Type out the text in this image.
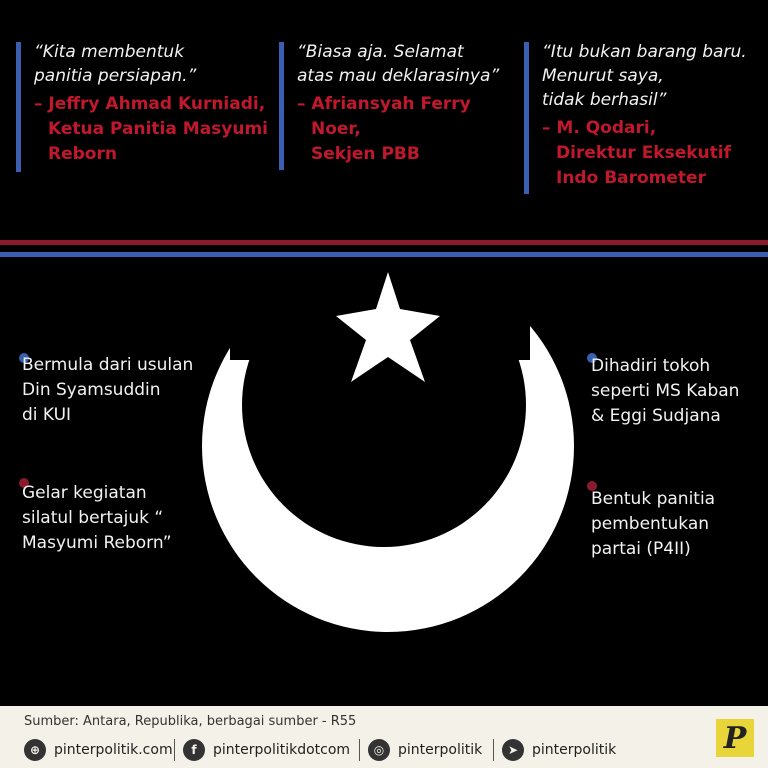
“Kita membentuk
panitia persiapan.”
– Jeffry Ahmad Kurniadi,
Ketua Panitia Masyumi
Reborn
“Biasa aja. Selamat
atas mau deklarasinya”
– Afriansyah Ferry
Noer,
Sekjen PBB
“Itu bukan barang baru.
Menurut saya,
tidak berhasil”
– M. Qodari,
Direktur Eksekutif
Indo Barometer
Bermula dari usulan
Din Syamsuddin
di KUI
Gelar kegiatan
silatul bertajuk “
Masyumi Reborn”
Dihadiri tokoh
seperti MS Kaban
& Eggi Sudjana
Bentuk panitia
pembentukan
partai (P4II)
Sumber: Antara, Republika, berbagai sumber - R55
⊕ pinterpolitik.com	f	pinterpolitikdotcom	◎ pinterpolitik	➤ pinterpolitik	P
